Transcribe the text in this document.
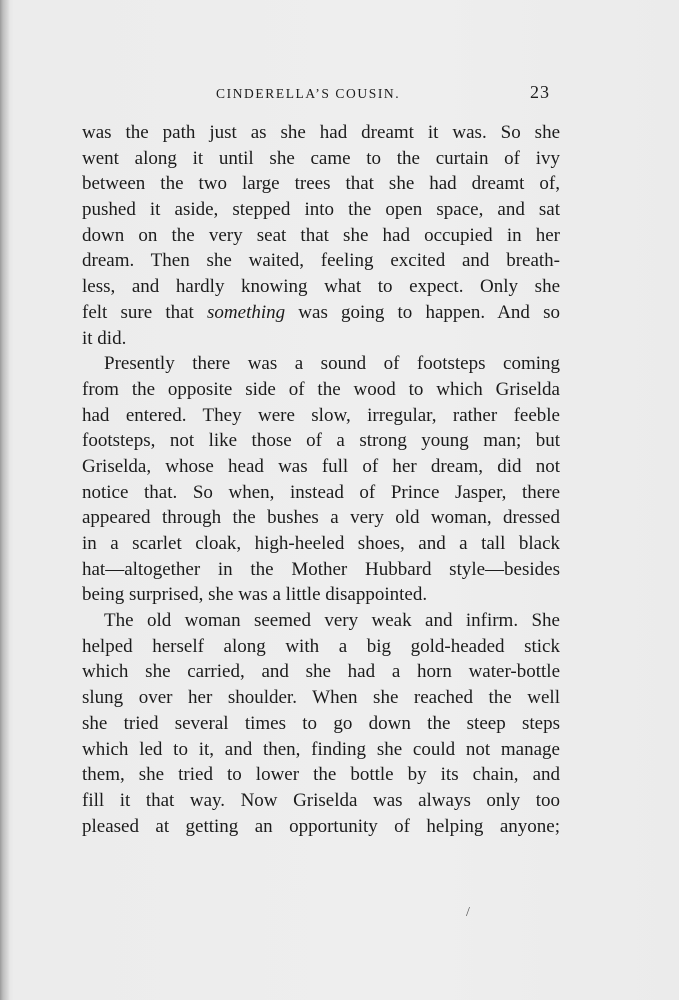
CINDERELLA’S COUSIN.	23
was the path just as she had dreamt it was. So she
went along it until she came to the curtain of ivy
between the two large trees that she had dreamt of,
pushed it aside, stepped into the open space, and sat
down on the very seat that she had occupied in her
dream. Then she waited, feeling excited and breath-
less, and hardly knowing what to expect. Only she
felt sure that something was going to happen. And so
it did.
Presently there was a sound of footsteps coming
from the opposite side of the wood to which Griselda
had entered. They were slow, irregular, rather feeble
footsteps, not like those of a strong young man; but
Griselda, whose head was full of her dream, did not
notice that. So when, instead of Prince Jasper, there
appeared through the bushes a very old woman, dressed
in a scarlet cloak, high-heeled shoes, and a tall black
hat—altogether in the Mother Hubbard style—besides
being surprised, she was a little disappointed.
The old woman seemed very weak and infirm. She
helped herself along with a big gold-headed stick
which she carried, and she had a horn water-bottle
slung over her shoulder. When she reached the well
she tried several times to go down the steep steps
which led to it, and then, finding she could not manage
them, she tried to lower the bottle by its chain, and
fill it that way. Now Griselda was always only too
pleased at getting an opportunity of helping anyone;
/
